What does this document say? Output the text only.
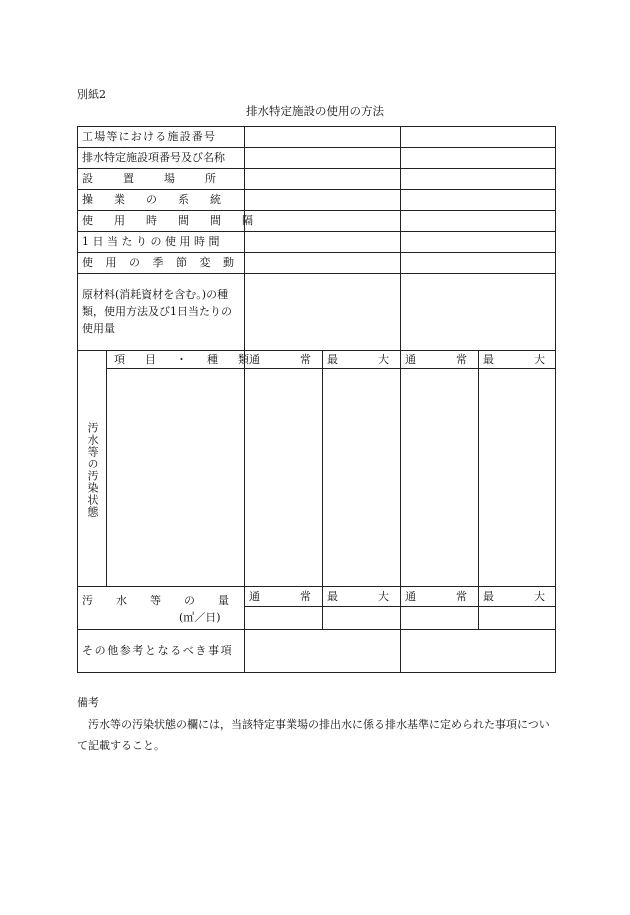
別紙2
排水特定施設の使用の方法
工場等における施設番号
排水特定施設項番号及び名称
設置場所
操業の系統
使用時間間隔
1日当たりの使用時間
使用の季節変動
原材料(消耗資材を含む。)の種類，使用方法及び1日当たりの使用量
汚水等の汚染状態
項目・種類
通常
最大
通常
最大
汚水等の量
(㎥／日)
通常
最大
通常
最大
その他参考となるべき事項
備考
汚水等の汚染状態の欄には，当該特定事業場の排出水に係る排水基準に定められた事項について記載すること。
